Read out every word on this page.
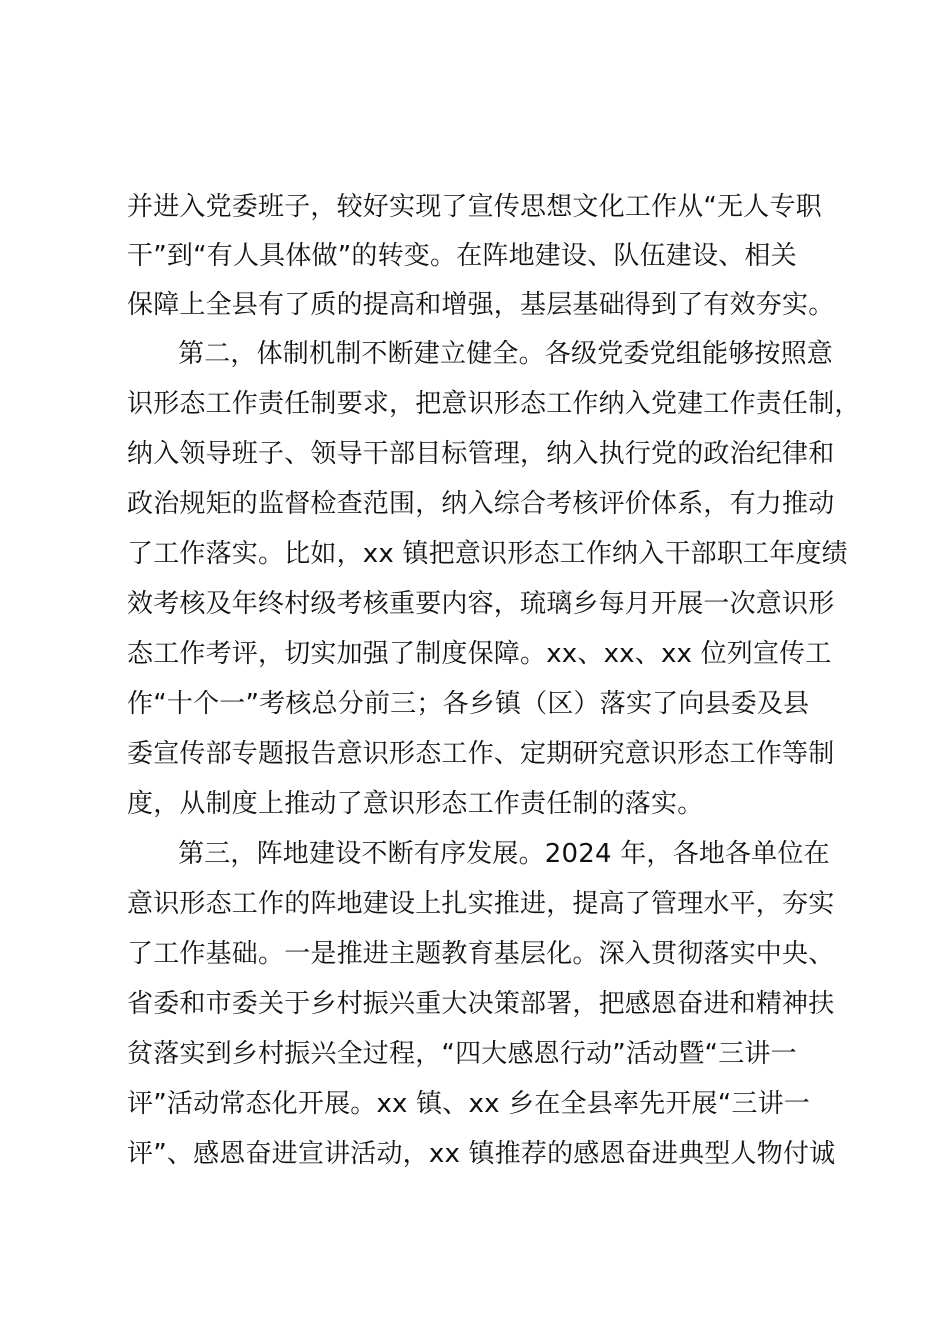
并进入党委班子，较好实现了宣传思想文化工作从“无人专职
干”到“有人具体做”的转变。在阵地建设、队伍建设、相关
保障上全县有了质的提高和增强，基层基础得到了有效夯实。
第二，体制机制不断建立健全。各级党委党组能够按照意
识形态工作责任制要求，把意识形态工作纳入党建工作责任制，
纳入领导班子、领导干部目标管理，纳入执行党的政治纪律和
政治规矩的监督检查范围，纳入综合考核评价体系，有力推动
了工作落实。比如，xx 镇把意识形态工作纳入干部职工年度绩
效考核及年终村级考核重要内容，琉璃乡每月开展一次意识形
态工作考评，切实加强了制度保障。xx、xx、xx 位列宣传工
作“十个一”考核总分前三；各乡镇（区）落实了向县委及县
委宣传部专题报告意识形态工作、定期研究意识形态工作等制
度，从制度上推动了意识形态工作责任制的落实。
第三，阵地建设不断有序发展。2024 年，各地各单位在
意识形态工作的阵地建设上扎实推进，提高了管理水平，夯实
了工作基础。一是推进主题教育基层化。深入贯彻落实中央、
省委和市委关于乡村振兴重大决策部署，把感恩奋进和精神扶
贫落实到乡村振兴全过程，“四大感恩行动”活动暨“三讲一
评”活动常态化开展。xx 镇、xx 乡在全县率先开展“三讲一
评”、感恩奋进宣讲活动，xx 镇推荐的感恩奋进典型人物付诚
